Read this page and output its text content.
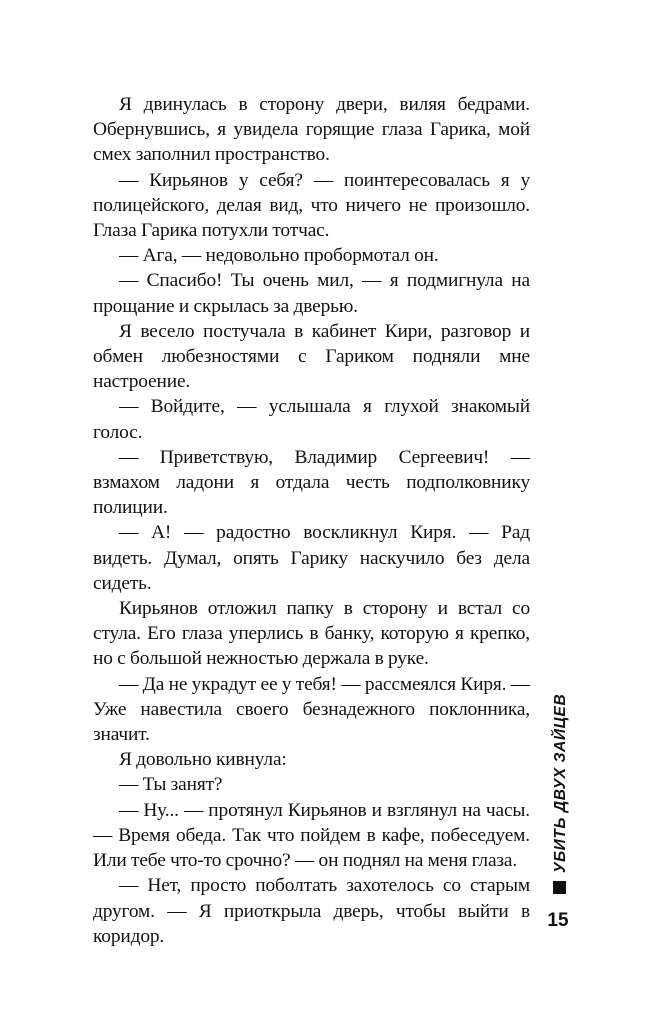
Я двинулась в сторону двери, виляя бедрами. Обернувшись, я увидела горящие глаза Гарика, мой смех заполнил пространство.

— Кирьянов у себя? — поинтересовалась я у полицейского, делая вид, что ничего не произошло. Глаза Гарика потухли тотчас.

— Ага, — недовольно пробормотал он.

— Спасибо! Ты очень мил, — я подмигнула на прощание и скрылась за дверью.

Я весело постучала в кабинет Кири, разговор и обмен любезностями с Гариком подняли мне настроение.

— Войдите, — услышала я глухой знакомый голос.

— Приветствую, Владимир Сергеевич! — взмахом ладони я отдала честь подполковнику полиции.

— А! — радостно воскликнул Киря. — Рад видеть. Думал, опять Гарику наскучило без дела сидеть.

Кирьянов отложил папку в сторону и встал со стула. Его глаза уперлись в банку, которую я крепко, но с большой нежностью держала в руке.

— Да не украдут ее у тебя! — рассмеялся Киря. — Уже навестила своего безнадежного поклонника, значит.

Я довольно кивнула:

— Ты занят?

— Ну... — протянул Кирьянов и взглянул на часы. — Время обеда. Так что пойдем в кафе, побеседуем. Или тебе что-то срочно? — он поднял на меня глаза.

— Нет, просто поболтать захотелось со старым другом. — Я приоткрыла дверь, чтобы выйти в коридор.

УБИТЬ ДВУХ ЗАЙЦЕВ
15
